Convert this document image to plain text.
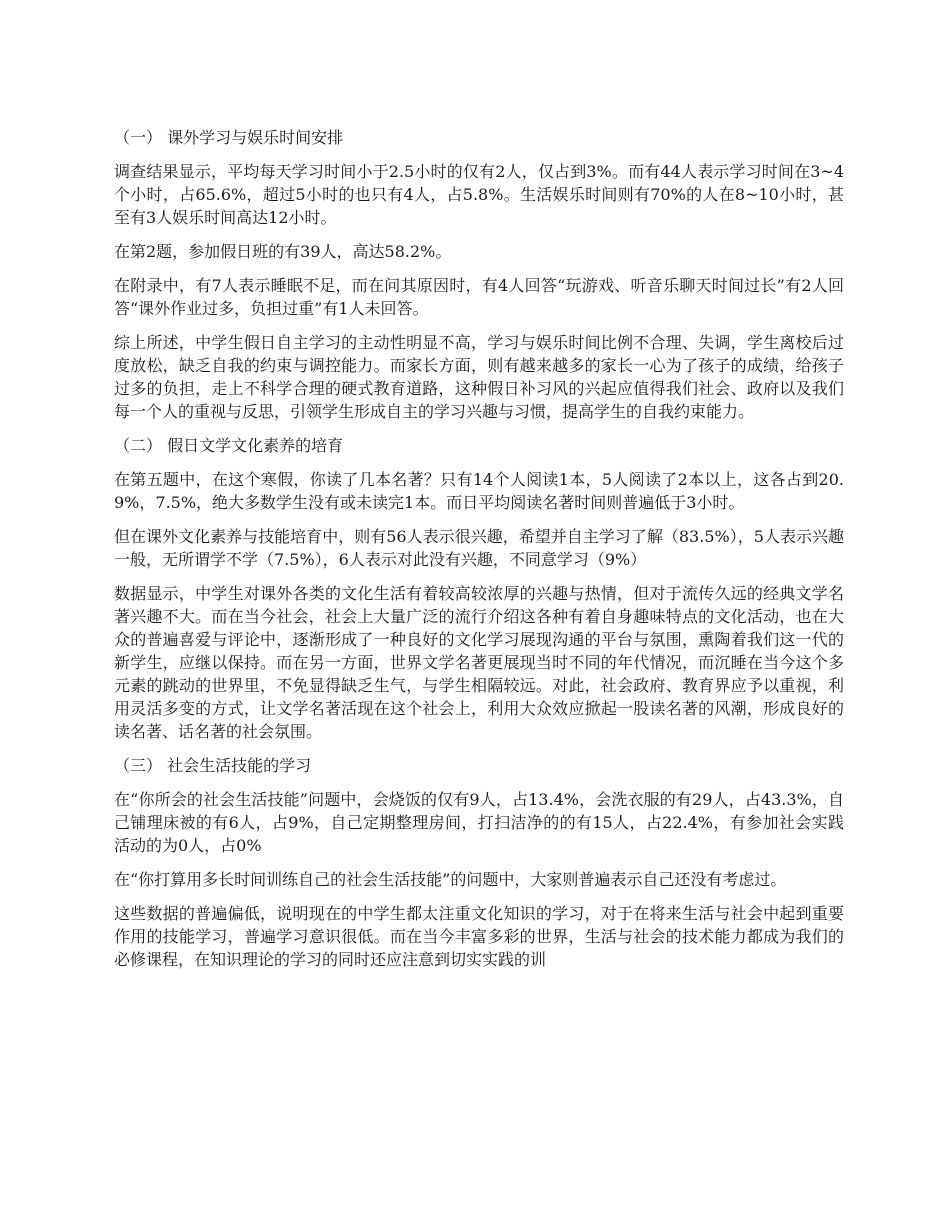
（一） 课外学习与娱乐时间安排

调查结果显示，平均每天学习时间小于2.5小时的仅有2人，仅占到3%。而有44人表示学习时间在3~4个小时，占65.6%，超过5小时的也只有4人，占5.8%。生活娱乐时间则有70%的人在8~10小时，甚至有3人娱乐时间高达12小时。

在第2题，参加假日班的有39人，高达58.2%。

在附录中，有7人表示睡眠不足，而在问其原因时，有4人回答“玩游戏、听音乐聊天时间过长”有2人回答“课外作业过多，负担过重”有1人未回答。

综上所述，中学生假日自主学习的主动性明显不高，学习与娱乐时间比例不合理、失调，学生离校后过度放松，缺乏自我的约束与调控能力。而家长方面，则有越来越多的家长一心为了孩子的成绩，给孩子过多的负担，走上不科学合理的硬式教育道路，这种假日补习风的兴起应值得我们社会、政府以及我们每一个人的重视与反思，引领学生形成自主的学习兴趣与习惯，提高学生的自我约束能力。

（二） 假日文学文化素养的培育

在第五题中，在这个寒假，你读了几本名著？只有14个人阅读1本，5人阅读了2本以上，这各占到20.9%，7.5%，绝大多数学生没有或未读完1本。而日平均阅读名著时间则普遍低于3小时。

但在课外文化素养与技能培育中，则有56人表示很兴趣，希望并自主学习了解（83.5%），5人表示兴趣一般，无所谓学不学（7.5%），6人表示对此没有兴趣，不同意学习（9%）

数据显示，中学生对课外各类的文化生活有着较高较浓厚的兴趣与热情，但对于流传久远的经典文学名著兴趣不大。而在当今社会，社会上大量广泛的流行介绍这各种有着自身趣味特点的文化活动，也在大众的普遍喜爱与评论中，逐渐形成了一种良好的文化学习展现沟通的平台与氛围，熏陶着我们这一代的新学生，应继以保持。而在另一方面，世界文学名著更展现当时不同的年代情况，而沉睡在当今这个多元素的跳动的世界里，不免显得缺乏生气，与学生相隔较远。对此，社会政府、教育界应予以重视，利用灵活多变的方式，让文学名著活现在这个社会上，利用大众效应掀起一股读名著的风潮，形成良好的读名著、话名著的社会氛围。

（三） 社会生活技能的学习

在“你所会的社会生活技能”问题中，会烧饭的仅有9人，占13.4%，会洗衣服的有29人，占43.3%，自己铺理床被的有6人，占9%，自己定期整理房间，打扫洁净的的有15人，占22.4%，有参加社会实践活动的为0人，占0%

在“你打算用多长时间训练自己的社会生活技能”的问题中，大家则普遍表示自己还没有考虑过。

这些数据的普遍偏低，说明现在的中学生都太注重文化知识的学习，对于在将来生活与社会中起到重要作用的技能学习，普遍学习意识很低。而在当今丰富多彩的世界，生活与社会的技术能力都成为我们的必修课程，在知识理论的学习的同时还应注意到切实实践的训
